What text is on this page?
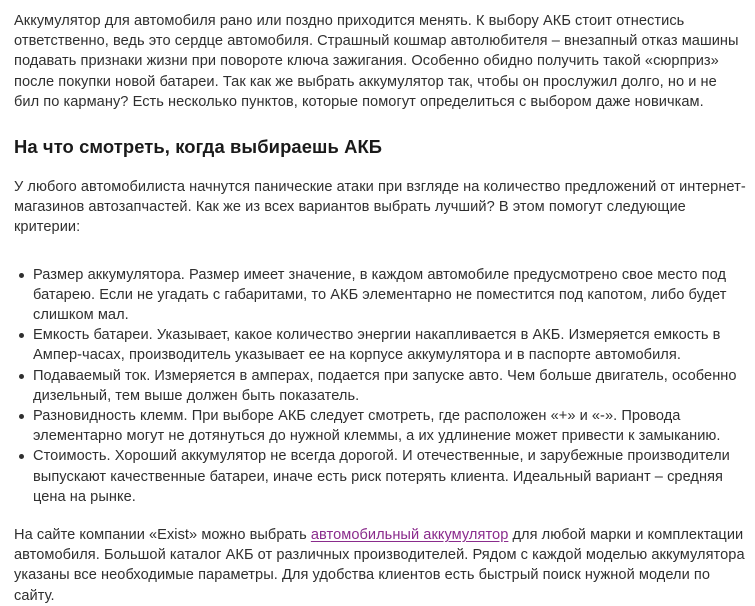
Аккумулятор для автомобиля рано или поздно приходится менять. К выбору АКБ стоит отнестись ответственно, ведь это сердце автомобиля. Страшный кошмар автолюбителя – внезапный отказ машины подавать признаки жизни при повороте ключа зажигания. Особенно обидно получить такой «сюрприз» после покупки новой батареи. Так как же выбрать аккумулятор так, чтобы он прослужил долго, но и не бил по карману? Есть несколько пунктов, которые помогут определиться с выбором даже новичкам.

На что смотреть, когда выбираешь АКБ

У любого автомобилиста начнутся панические атаки при взгляде на количество предложений от интернет-магазинов автозапчастей. Как же из всех вариантов выбрать лучший? В этом помогут следующие критерии:

Размер аккумулятора. Размер имеет значение, в каждом автомобиле предусмотрено свое место под батарею. Если не угадать с габаритами, то АКБ элементарно не поместится под капотом, либо будет слишком мал.
Емкость батареи. Указывает, какое количество энергии накапливается в АКБ. Измеряется емкость в Ампер-часах, производитель указывает ее на корпусе аккумулятора и в паспорте автомобиля.
Подаваемый ток. Измеряется в амперах, подается при запуске авто. Чем больше двигатель, особенно дизельный, тем выше должен быть показатель.
Разновидность клемм. При выборе АКБ следует смотреть, где расположен «+» и «-». Провода элементарно могут не дотянуться до нужной клеммы, а их удлинение может привести к замыканию.
Стоимость. Хороший аккумулятор не всегда дорогой. И отечественные, и зарубежные производители выпускают качественные батареи, иначе есть риск потерять клиента. Идеальный вариант – средняя цена на рынке.

На сайте компании «Exist» можно выбрать автомобильный аккумулятор для любой марки и комплектации автомобиля. Большой каталог АКБ от различных производителей. Рядом с каждой моделью аккумулятора указаны все необходимые параметры. Для удобства клиентов есть быстрый поиск нужной модели по сайту.
